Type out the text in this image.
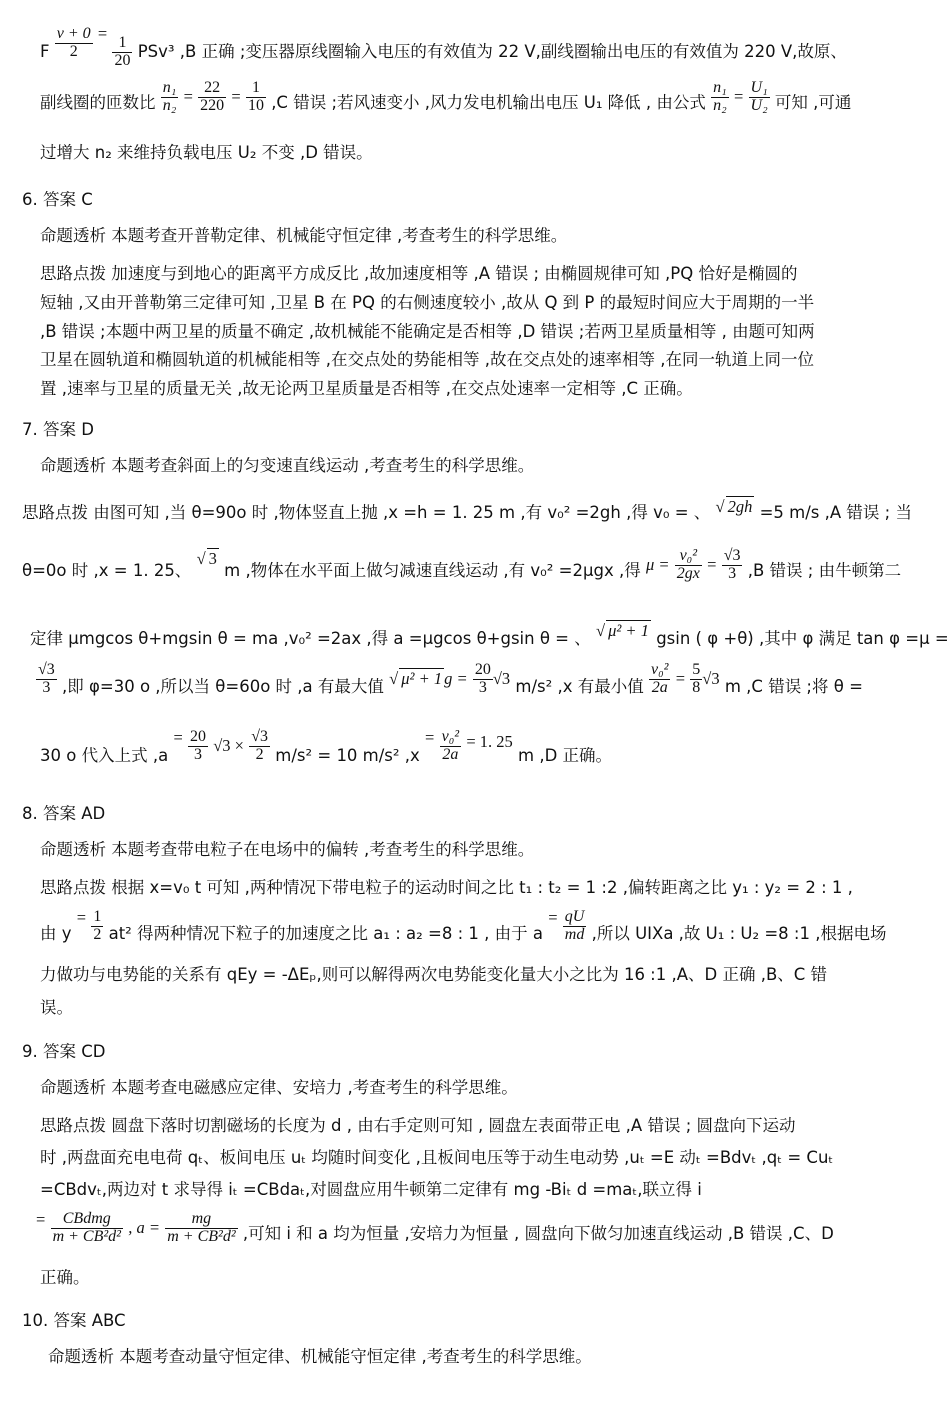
F $\frac{v + 0}{2}$ =
$\frac{1}{20} PSv^3$ ,B 正确 ;变压器原线圈输入电压的有效值为 22 V,副线圈输出电压的有效值为 220 V,故原、
副线圈的匝数比 $\frac{\text{n₁}}{\text{n₂}} = \frac{22}{220} = \frac{1}{10} ,C$ 错误 ;若风速变小 ,风力发电机输出电压 U₁ 降低 , 由公式 $\frac{\text{n₁}}{\text{n₂}} = \frac{\text{U₁}}{\text{U₂}}$ 可知 ,可通
过增大 n₂ 来维持负载电压 U₂ 不变 ,D 错误。
6. 答案 C
命题透析 本题考查开普勒定律、机械能守恒定律 ,考查考生的科学思维。
思路点拨 加速度与到地心的距离平方成反比 ,故加速度相等 ,A 错误 ; 由椭圆规律可知 ,PQ 恰好是椭圆的
短轴 ,又由开普勒第三定律可知 ,卫星 B 在 PQ 的右侧速度较小 ,故从 Q 到 P 的最短时间应大于周期的一半
,B 错误 ;本题中两卫星的质量不确定 ,故机械能不能确定是否相等 ,D 错误 ;若两卫星质量相等 , 由题可知两
卫星在圆轨道和椭圆轨道的机械能相等 ,在交点处的势能相等 ,故在交点处的速率相等 ,在同一轨道上同一位
置 ,速率与卫星的质量无关 ,故无论两卫星质量是否相等 ,在交点处速率一定相等 ,C 正确。
7. 答案 D
命题透析 本题考查斜面上的匀变速直线运动 ,考查考生的科学思维。
思路点拨 由图可知 ,当 θ=90o 时 ,物体竖直上抛 ,x =h = 1. 25 m ,有 v₀² =2gh ,得 v₀ = 、 √ 2gh =5 m/s ,A 错误 ; 当
θ=0o 时 ,x = 1. 25、 √ 3 m ,物体在水平面上做匀减速直线运动 ,有 v₀² =2μgx ,得 $\mu = \frac{\text{v₀²}}{2gx} = \frac{√3}{3} ,B$ 错误 ; 由牛顿第二
定律 μmgcos θ+mgsin θ = ma ,v₀² =2ax ,得 a =μgcos θ+gsin θ = 、 √ μ² + 1 gsin ( φ +θ) ,其中 φ 满足 tan φ =μ =
$\frac{√3}{3}$ ,即 φ=30 o ,所以当 θ=60o 时 ,a 有最大值 √ μ² + 1 $g = \frac{20}{3} √3$ m/s² ,x 有最小值 $\frac{\text{v₀²}}{2a} = \frac{5}{8} √3$ m ,C 错误 ;将 θ =
30 o 代入上式 $,a = \frac{20}{3} √3 \times \frac{√3}{2} m/s^2 = 10$ m/s² $,x = \frac{\text{v₀²}}{2a} = 1$. 25 m ,D 正确。
8. 答案 AD
命题透析 本题考查带电粒子在电场中的偏转 ,考查考生的科学思维。
思路点拨 根据 x=v₀ t 可知 ,两种情况下带电粒子的运动时间之比 t₁ : t₂ = 1 :2 ,偏转距离之比 y₁ : y₂ = 2 : 1 ,
由 $y = \frac{1}{2} at^2$ 得两种情况下粒子的加速度之比 a₁ : a₂ =8 : 1 , 由于 $a = \frac{qU}{md}$ ,所以 UIXa ,故 U₁ : U₂ =8 :1 ,根据电场
力做功与电势能的关系有 qEy = -ΔEₚ,则可以解得两次电势能变化量大小之比为 16 :1 ,A、D 正确 ,B、C 错
误。
9. 答案 CD
命题透析 本题考查电磁感应定律、安培力 ,考查考生的科学思维。
思路点拨 圆盘下落时切割磁场的长度为 d , 由右手定则可知 , 圆盘左表面带正电 ,A 错误 ; 圆盘向下运动
时 ,两盘面充电电荷 qₜ、板间电压 uₜ 均随时间变化 ,且板间电压等于动生电动势 ,uₜ =E 动ₜ =Bdvₜ ,qₜ = Cuₜ
=CBdvₜ,两边对 t 求导得 iₜ =CBdaₜ,对圆盘应用牛顿第二定律有 mg -Biₜ d =maₜ,联立得 i
=	CBdmg
m + CB²d² , $a = \frac{mg}{\text{m + CB²d²}}$ ,可知 i 和 a 均为恒量 ,安培力为恒量 , 圆盘向下做匀加速直线运动 ,B 错误 ,C、D
正确。
10. 答案 ABC
命题透析 本题考查动量守恒定律、机械能守恒定律 ,考查考生的科学思维。
